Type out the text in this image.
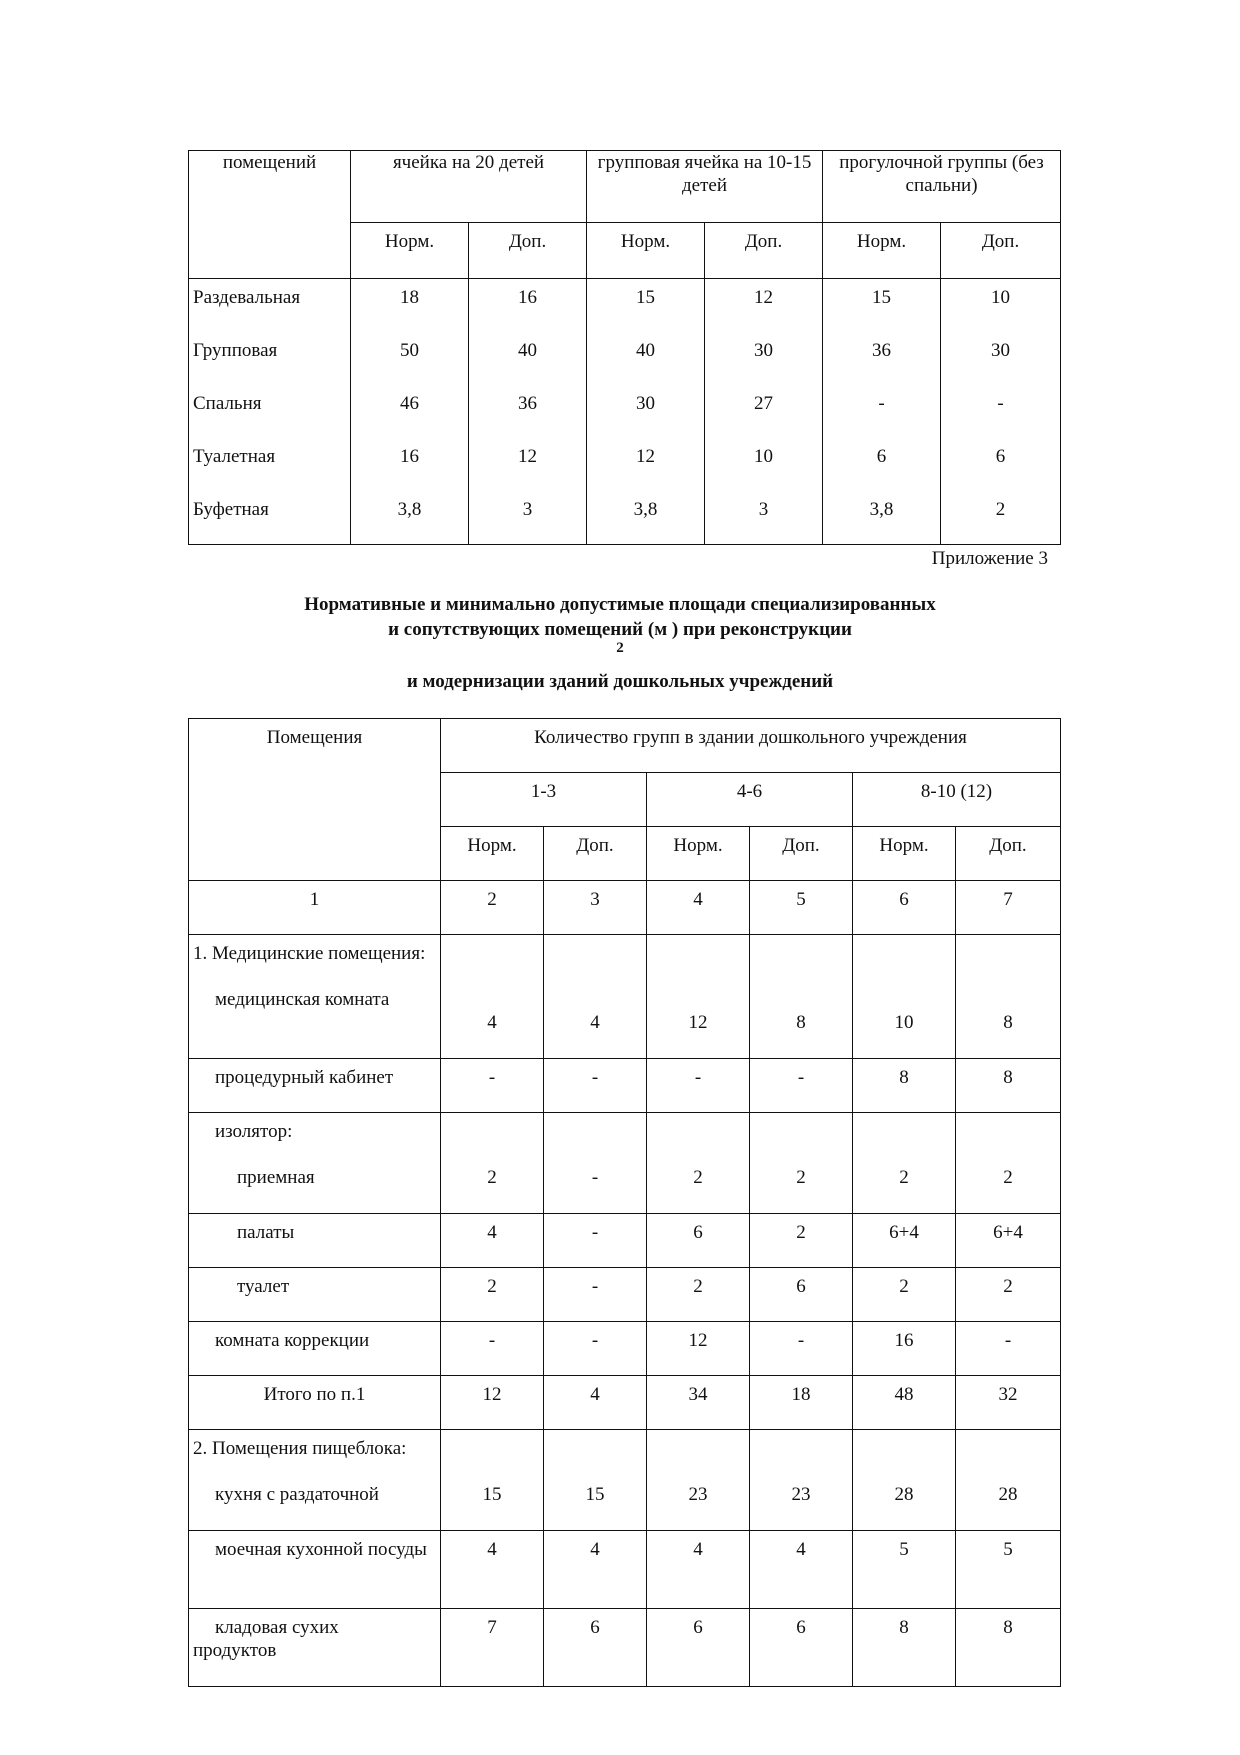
помещений	ячейка на 20 детей		групповая ячейка на 10-15 детей		прогулочной группы (без спальни)	
	Норм.	Доп.	Норм.	Доп.	Норм.	Доп.
Раздевальная	18	16	15	12	15	10
Групповая	50	40	40	30	36	30
Спальня	46	36	30	27	-	-
Туалетная	16	12	12	10	6	6
Буфетная	3,8	3	3,8	3	3,8	2
Приложение 3
Нормативные и минимально допустимые площади специализированных
и сопутствующих помещений (м ) при реконструкции
2
и модернизации зданий дошкольных учреждений
Помещения	Количество групп в здании дошкольного учреждения					
	1-3		4-6		8-10 (12)	
	Норм.	Доп.	Норм.	Доп.	Норм.	Доп.
1	2	3	4	5	6	7

1. Медицинские помещения:
медицинская комната	4	4	12	8	10	8

процедурный кабинет	-	-	-	-	8	8

изолятор:
приемная	2	-	2	2	2	2

палаты	4	-	6	2	6+4	6+4
туалет	2	-	2	6	2	2
комната коррекции	-	-	12	-	16	-
Итого по п.1	12	4	34	18	48	32

2. Помещения пищеблока:
кухня с раздаточной	15	15	23	23	28	28

моечная кухонной посуды	4	4	4	4	5	5
кладовая сухих продуктов	7	6	6	6	8	8
